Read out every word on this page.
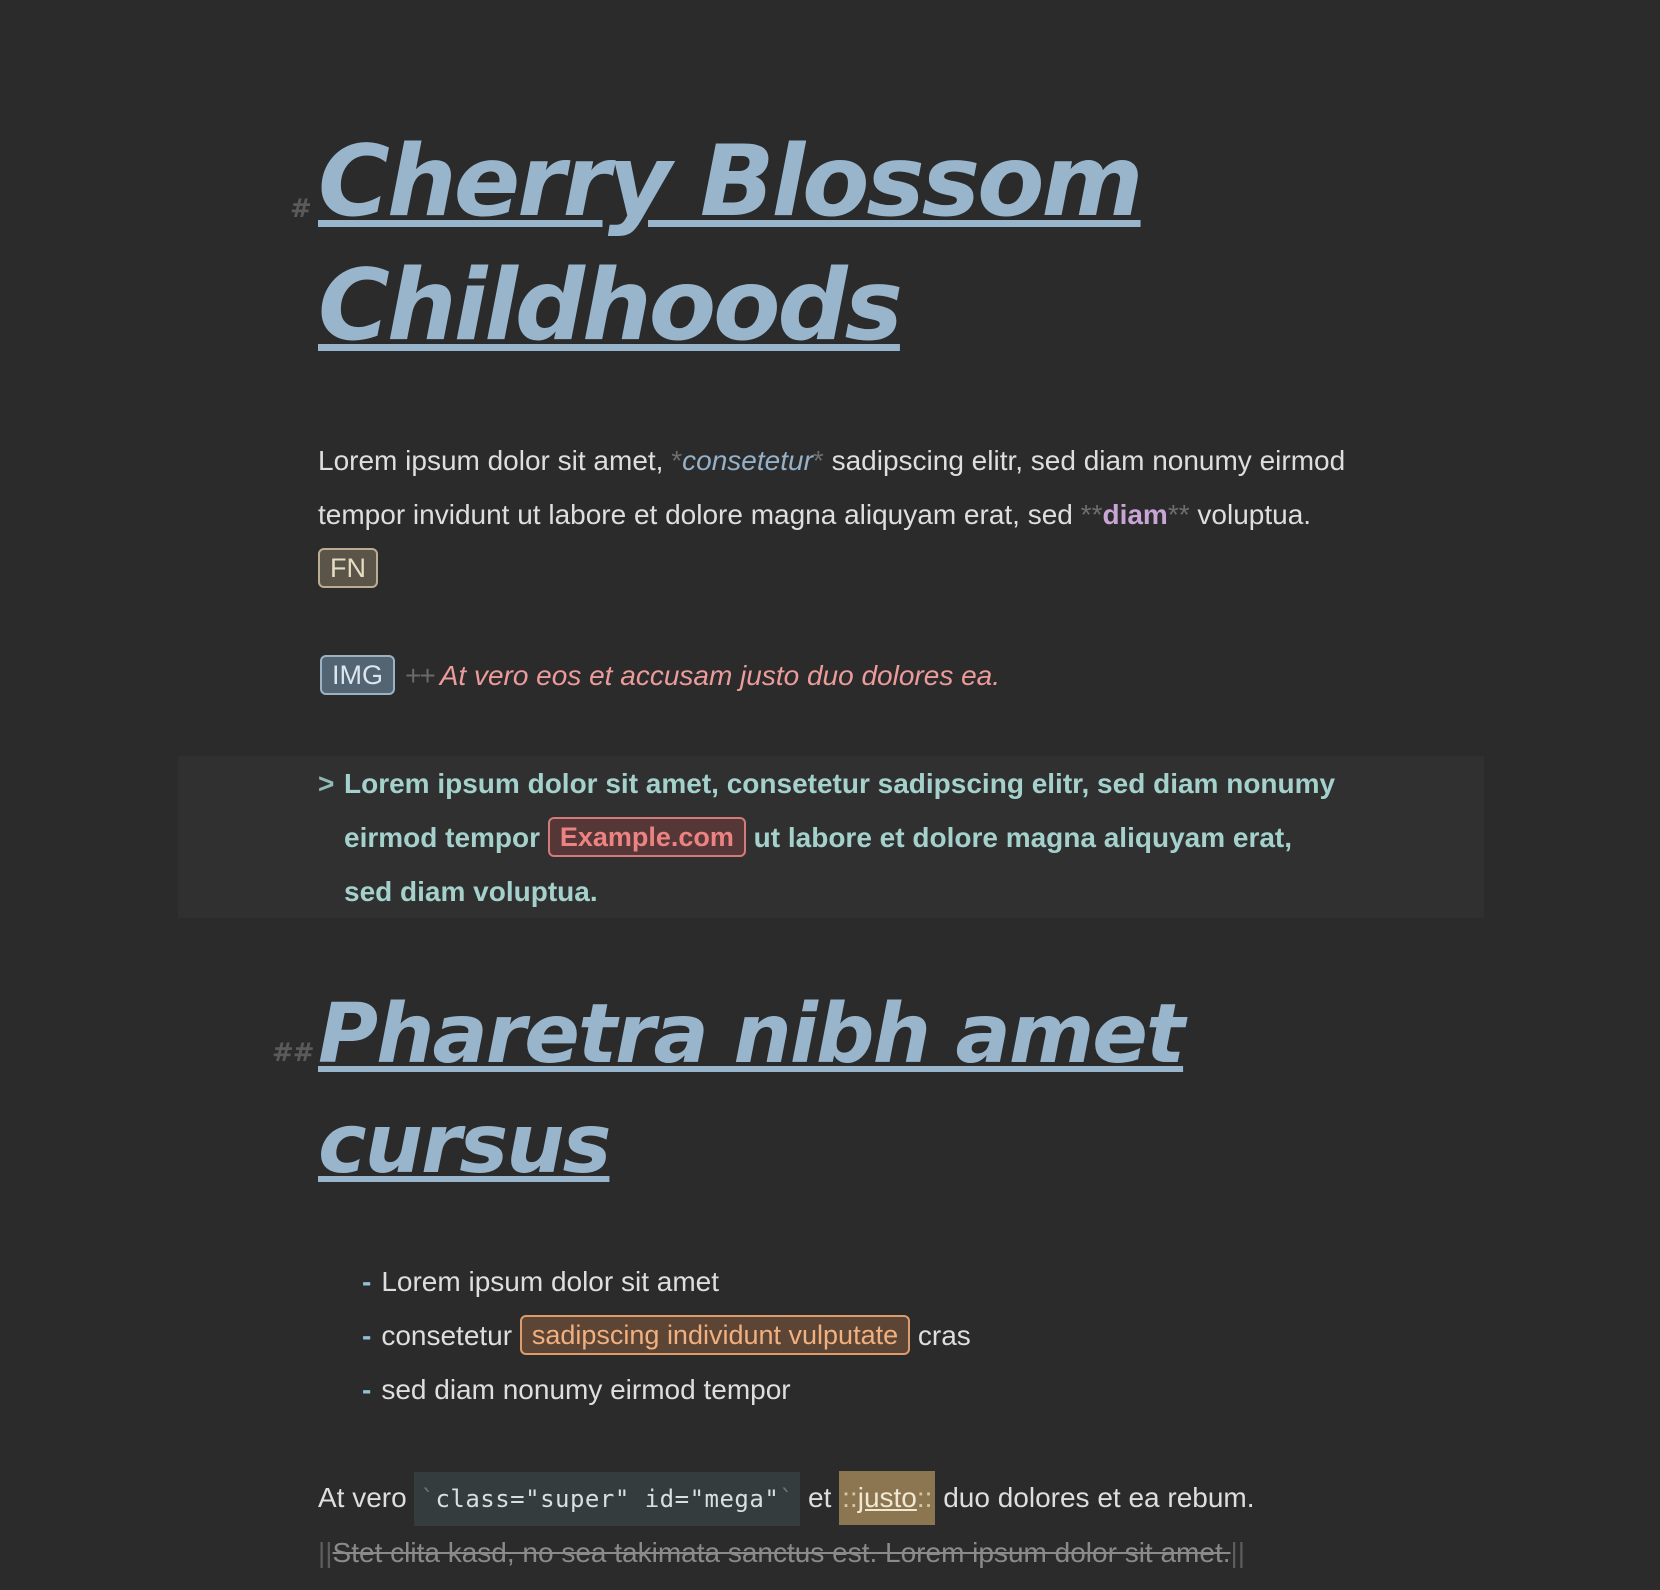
# Cherry Blossom Childhoods
Lorem ipsum dolor sit amet, *consetetur* sadipscing elitr, sed diam nonumy eirmod tempor invidunt ut labore et dolore magna aliquyam erat, sed **diam** voluptua. FN
IMG ++ At vero eos et accusam justo duo dolores ea.
> Lorem ipsum dolor sit amet, consetetur sadipscing elitr, sed diam nonumy eirmod tempor Example.com ut labore et dolore magna aliquyam erat, sed diam voluptua.
## Pharetra nibh amet cursus
- Lorem ipsum dolor sit amet
- consetetur sadipscing individunt vulputate cras
- sed diam nonumy eirmod tempor
At vero `class="super" id="mega"` et ::justo:: duo dolores et ea rebum.
||Stet clita kasd, no sea takimata sanctus est. Lorem ipsum dolor sit amet.||
